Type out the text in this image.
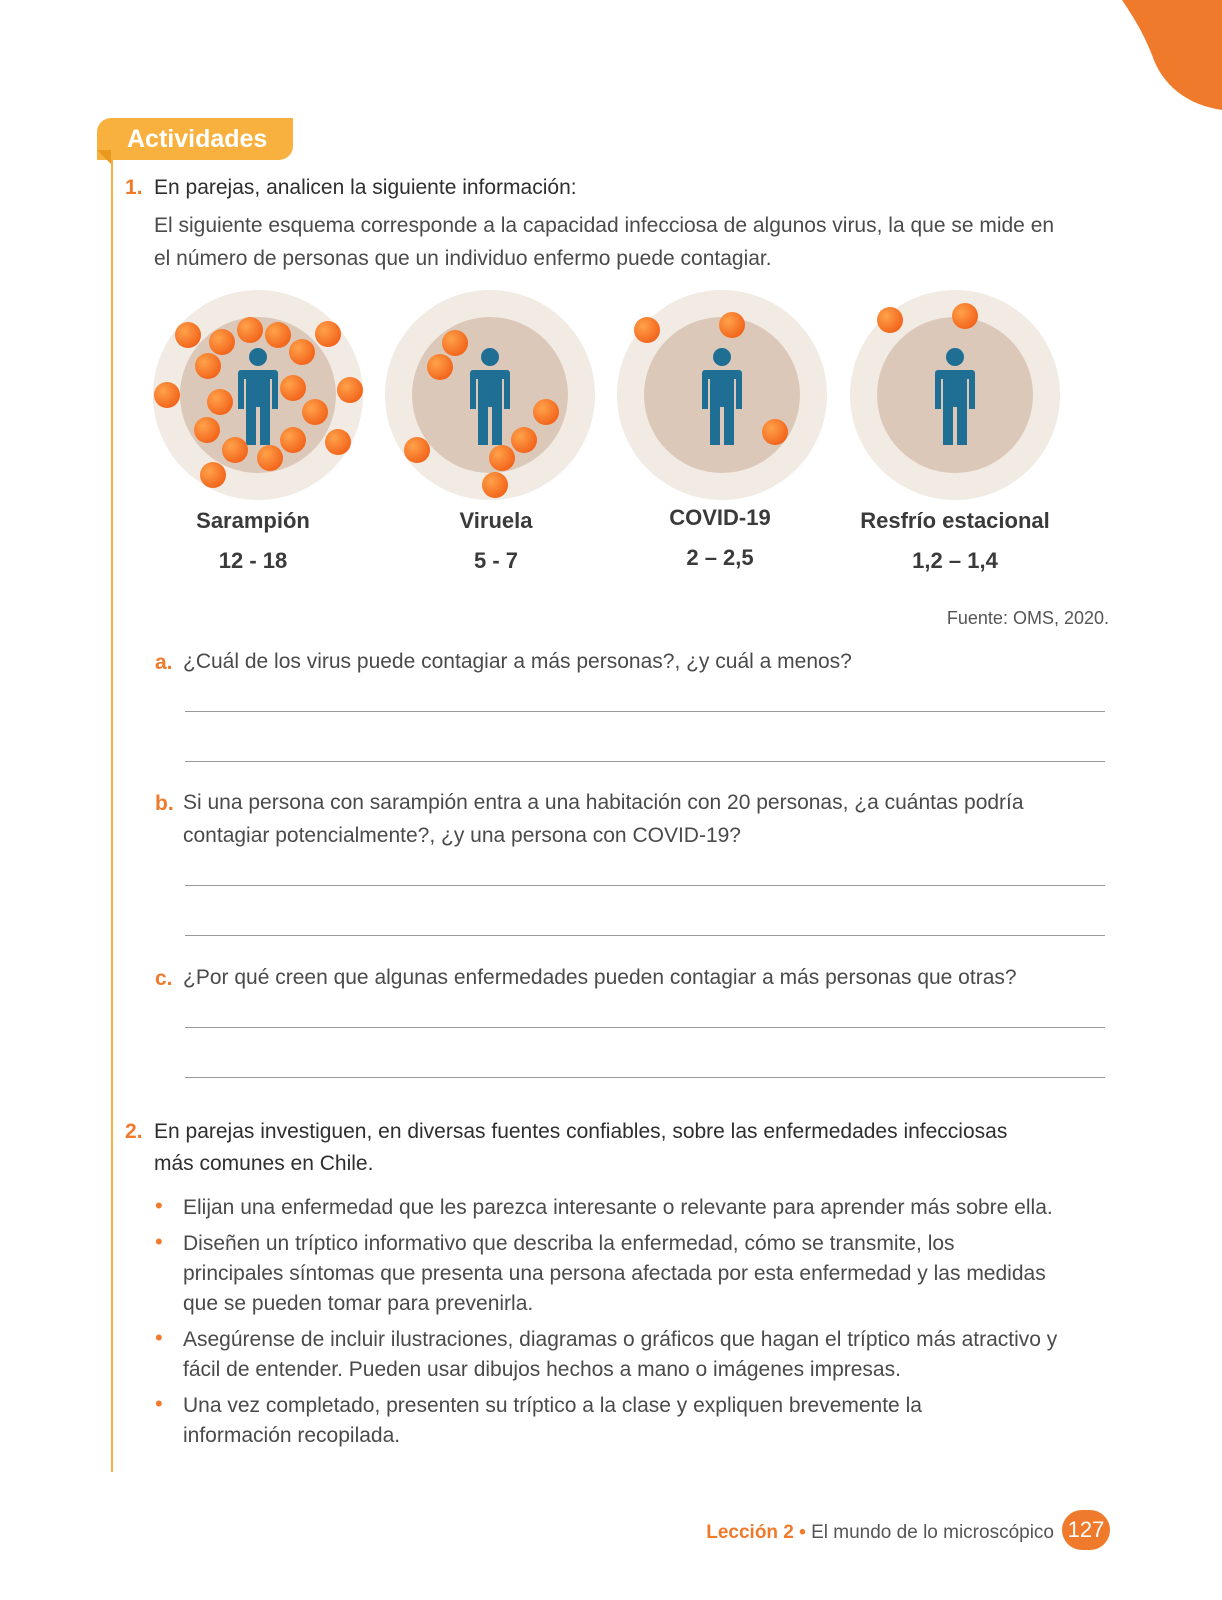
Actividades
1. En parejas, analicen la siguiente información:
El siguiente esquema corresponde a la capacidad infecciosa de algunos virus, la que se mide en
el número de personas que un individuo enfermo puede contagiar.
Sarampión
12 - 18
Viruela
5 - 7
COVID-19
2 – 2,5
Resfrío estacional
1,2 – 1,4
Fuente: OMS, 2020.
a. ¿Cuál de los virus puede contagiar a más personas?, ¿y cuál a menos?
b. Si una persona con sarampión entra a una habitación con 20 personas, ¿a cuántas podría
contagiar potencialmente?, ¿y una persona con COVID-19?
c. ¿Por qué creen que algunas enfermedades pueden contagiar a más personas que otras?
2. En parejas investiguen, en diversas fuentes confiables, sobre las enfermedades infecciosas
más comunes en Chile.
• Elijan una enfermedad que les parezca interesante o relevante para aprender más sobre ella.
• Diseñen un tríptico informativo que describa la enfermedad, cómo se transmite, los
principales síntomas que presenta una persona afectada por esta enfermedad y las medidas
que se pueden tomar para prevenirla.
• Asegúrense de incluir ilustraciones, diagramas o gráficos que hagan el tríptico más atractivo y
fácil de entender. Pueden usar dibujos hechos a mano o imágenes impresas.
• Una vez completado, presenten su tríptico a la clase y expliquen brevemente la
información recopilada.
Lección 2 • El mundo de lo microscópico 127
